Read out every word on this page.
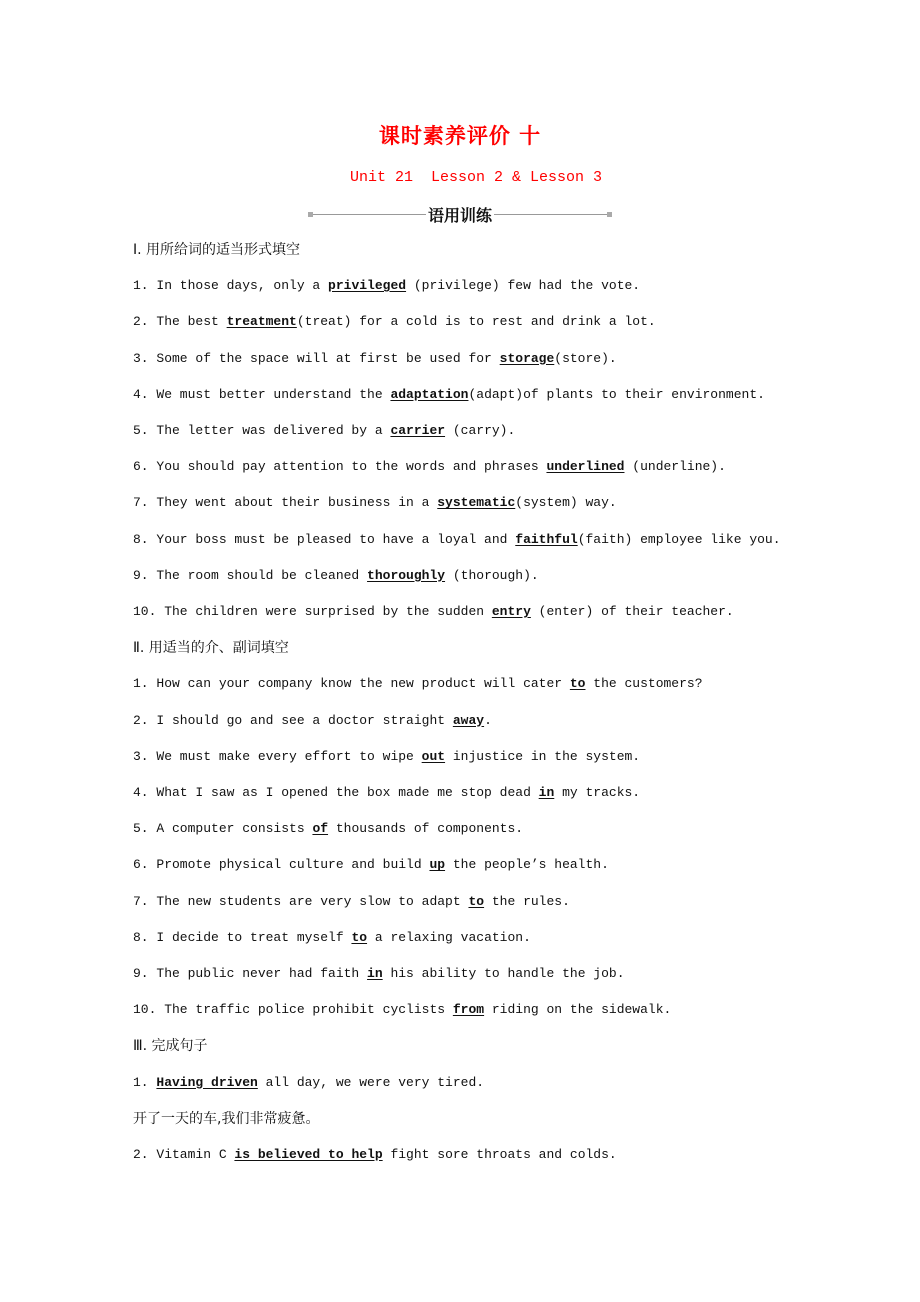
课时素养评价 十
Unit 21  Lesson 2 & Lesson 3
语用训练
Ⅰ. 用所给词的适当形式填空
1. In those days, only a privileged (privilege) few had the vote.
2. The best treatment(treat) for a cold is to rest and drink a lot.
3. Some of the space will at first be used for storage(store).
4. We must better understand the adaptation(adapt)of plants to their environment.
5. The letter was delivered by a carrier (carry).
6. You should pay attention to the words and phrases underlined (underline).
7. They went about their business in a systematic(system) way.
8. Your boss must be pleased to have a loyal and faithful(faith) employee like you.
9. The room should be cleaned thoroughly (thorough).
10. The children were surprised by the sudden entry (enter) of their teacher.
Ⅱ. 用适当的介、副词填空
1. How can your company know the new product will cater to the customers?
2. I should go and see a doctor straight away.
3. We must make every effort to wipe out injustice in the system.
4. What I saw as I opened the box made me stop dead in my tracks.
5. A computer consists of thousands of components.
6. Promote physical culture and build up the people’s health.
7. The new students are very slow to adapt to the rules.
8. I decide to treat myself to a relaxing vacation.
9. The public never had faith in his ability to handle the job.
10. The traffic police prohibit cyclists from riding on the sidewalk.
Ⅲ. 完成句子
1. Having driven all day, we were very tired.
开了一天的车,我们非常疲惫。
2. Vitamin C is believed to help fight sore throats and colds.
